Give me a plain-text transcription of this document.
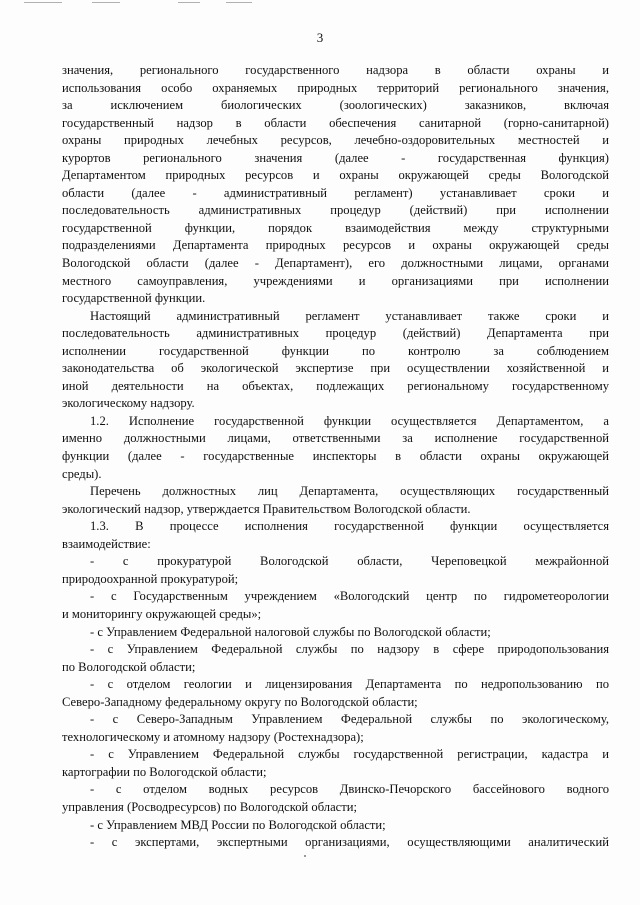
3
значения, регионального государственного надзора в области охраны и
использования особо охраняемых природных территорий регионального значения,
за исключением биологических (зоологических) заказников, включая
государственный надзор в области обеспечения санитарной (горно-санитарной)
охраны природных лечебных ресурсов, лечебно-оздоровительных местностей и
курортов регионального значения (далее - государственная функция)
Департаментом природных ресурсов и охраны окружающей среды Вологодской
области (далее - административный регламент) устанавливает сроки и
последовательность административных процедур (действий) при исполнении
государственной функции, порядок взаимодействия между структурными
подразделениями Департамента природных ресурсов и охраны окружающей среды
Вологодской области (далее - Департамент), его должностными лицами, органами
местного самоуправления, учреждениями и организациями при исполнении
государственной функции.
Настоящий административный регламент устанавливает также сроки и
последовательность административных процедур (действий) Департамента при
исполнении государственной функции по контролю за соблюдением
законодательства об экологической экспертизе при осуществлении хозяйственной и
иной деятельности на объектах, подлежащих региональному государственному
экологическому надзору.
1.2. Исполнение государственной функции осуществляется Департаментом, а
именно должностными лицами, ответственными за исполнение государственной
функции (далее - государственные инспекторы в области охраны окружающей
среды).
Перечень должностных лиц Департамента, осуществляющих государственный
экологический надзор, утверждается Правительством Вологодской области.
1.3. В процессе исполнения государственной функции осуществляется
взаимодействие:
- с прокуратурой Вологодской области, Череповецкой межрайонной
природоохранной прокуратурой;
- с Государственным учреждением «Вологодский центр по гидрометеорологии
и мониторингу окружающей среды»;
- с Управлением Федеральной налоговой службы по Вологодской области;
- с Управлением Федеральной службы по надзору в сфере природопользования
по Вологодской области;
- с отделом геологии и лицензирования Департамента по недропользованию по
Северо-Западному федеральному округу по Вологодской области;
- с Северо-Западным Управлением Федеральной службы по экологическому,
технологическому и атомному надзору (Ростехнадзора);
- с Управлением Федеральной службы государственной регистрации, кадастра и
картографии по Вологодской области;
- с отделом водных ресурсов Двинско-Печорского бассейнового водного
управления (Росводресурсов) по Вологодской области;
- с Управлением МВД России по Вологодской области;
- с экспертами, экспертными организациями, осуществляющими аналитический
